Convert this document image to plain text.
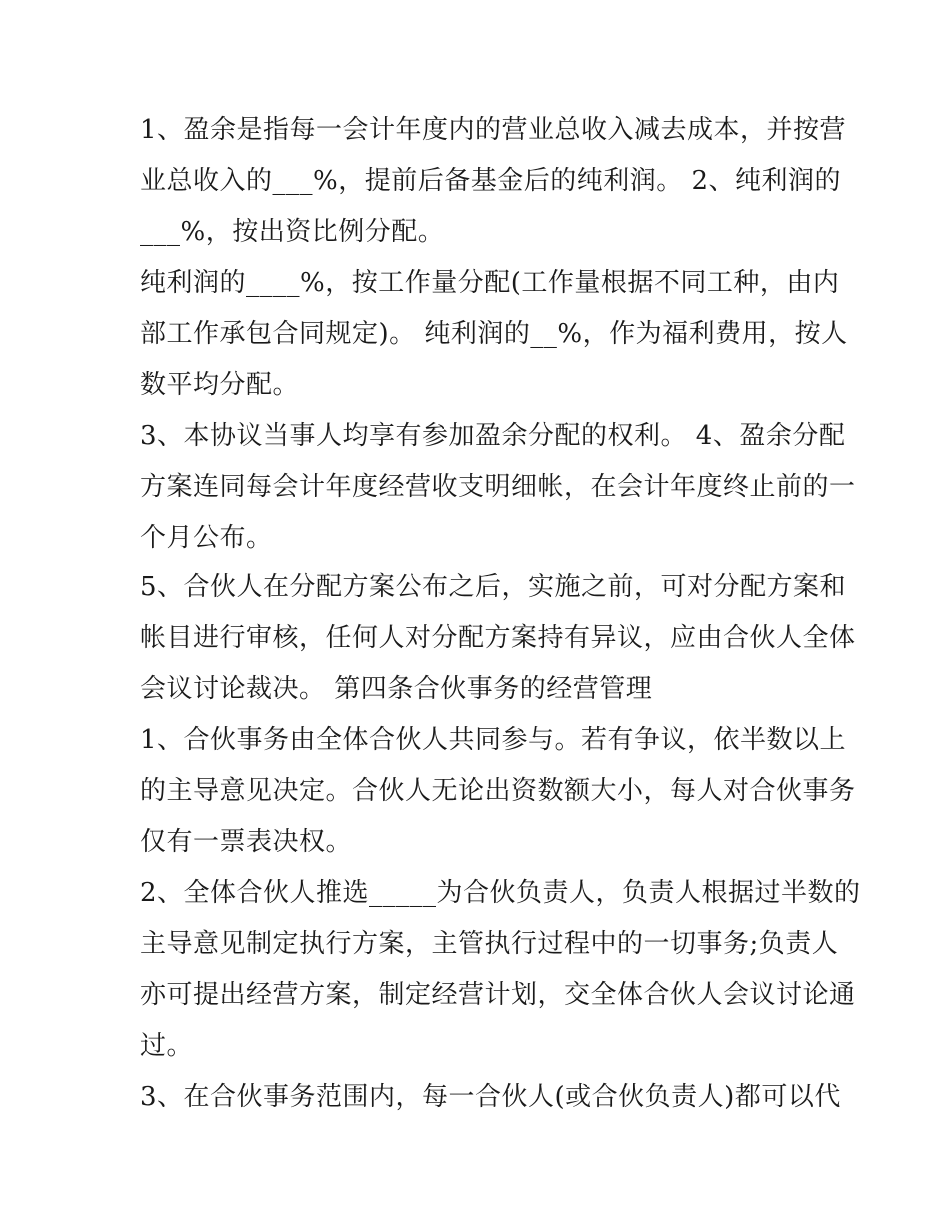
1、盈余是指每一会计年度内的营业总收入减去成本，并按营
业总收入的___%，提前后备基金后的纯利润。 2、纯利润的
___%，按出资比例分配。
纯利润的____%，按工作量分配(工作量根据不同工种，由内
部工作承包合同规定)。 纯利润的__%，作为福利费用，按人
数平均分配。
3、本协议当事人均享有参加盈余分配的权利。 4、盈余分配
方案连同每会计年度经营收支明细帐，在会计年度终止前的一
个月公布。
5、合伙人在分配方案公布之后，实施之前，可对分配方案和
帐目进行审核，任何人对分配方案持有异议，应由合伙人全体
会议讨论裁决。 第四条合伙事务的经营管理
1、合伙事务由全体合伙人共同参与。若有争议，依半数以上
的主导意见决定。合伙人无论出资数额大小，每人对合伙事务
仅有一票表决权。
2、全体合伙人推选_____为合伙负责人，负责人根据过半数的
主导意见制定执行方案，主管执行过程中的一切事务;负责人
亦可提出经营方案，制定经营计划，交全体合伙人会议讨论通
过。
3、在合伙事务范围内，每一合伙人(或合伙负责人)都可以代
